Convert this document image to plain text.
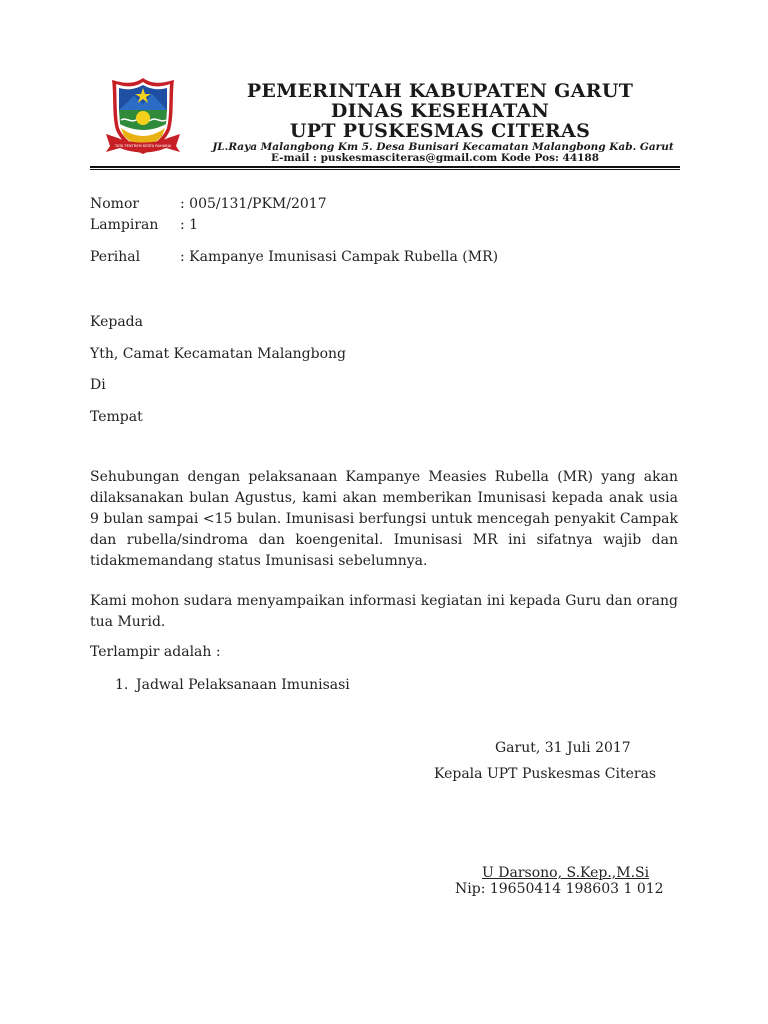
TATA TENTREM KERTA RAHARJA
PEMERINTAH KABUPATEN GARUT
DINAS KESEHATAN
UPT PUSKESMAS CITERAS
JL.Raya Malangbong Km 5. Desa Bunisari Kecamatan Malangbong Kab. Garut
E-mail : puskesmasciteras@gmail.com Kode Pos: 44188
Nomor	: 005/131/PKM/2017
Lampiran : 1
Perihal	: Kampanye Imunisasi Campak Rubella (MR)
Kepada
Yth, Camat Kecamatan Malangbong
Di
Tempat
Sehubungan dengan pelaksanaan Kampanye Measies Rubella (MR) yang akan dilaksanakan bulan Agustus, kami akan memberikan Imunisasi kepada anak usia 9 bulan sampai <15 bulan. Imunisasi berfungsi untuk mencegah penyakit Campak dan rubella/sindroma dan koengenital. Imunisasi MR ini sifatnya wajib dan tidakmemandang status Imunisasi sebelumnya.
Kami mohon sudara menyampaikan informasi kegiatan ini kepada Guru dan orang tua Murid.
Terlampir adalah :
1. Jadwal Pelaksanaan Imunisasi
Garut, 31 Juli 2017
Kepala UPT Puskesmas Citeras
U Darsono, S.Kep.,M.Si
Nip: 19650414 198603 1 012
